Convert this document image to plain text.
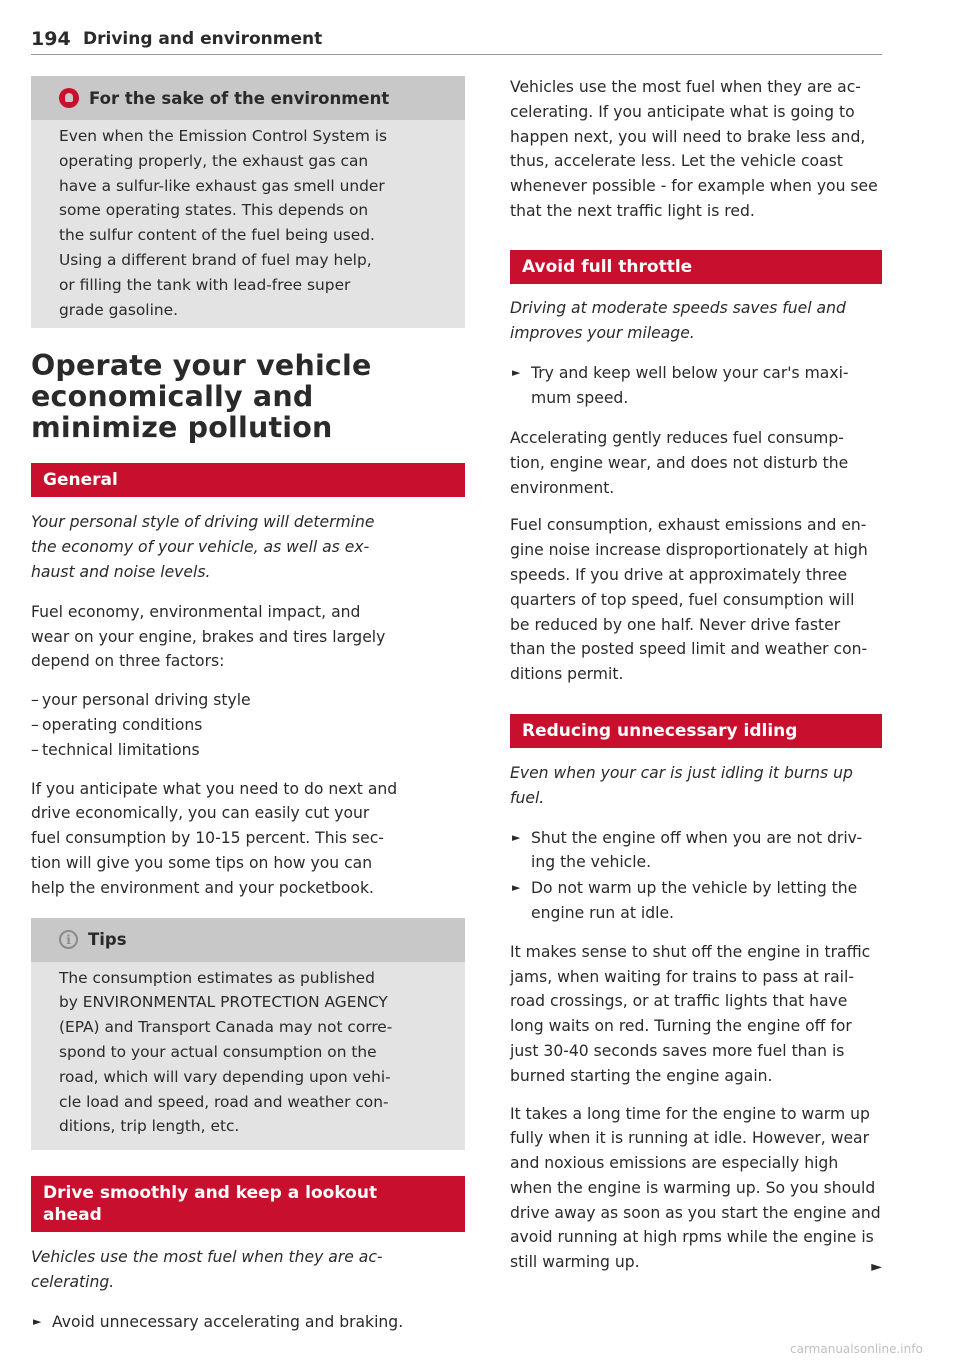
194 Driving and environment
For the sake of the environment

Even when the Emission Control System is

operating properly, the exhaust gas can

have a sulfur-like exhaust gas smell under

some operating states. This depends on

the sulfur content of the fuel being used.

Using a different brand of fuel may help,

or filling the tank with lead-free super

grade gasoline.

Operate your vehicle

economically and

minimize pollution

General

Your personal style of driving will determine

the economy of your vehicle, as well as ex-

haust and noise levels.

Fuel economy, environmental impact, and

wear on your engine, brakes and tires largely

depend on three factors:

– your personal driving style
– operating conditions
– technical limitations

If you anticipate what you need to do next and

drive economically, you can easily cut your

fuel consumption by 10-15 percent. This sec-

tion will give you some tips on how you can

help the environment and your pocketbook.

i	Tips

The consumption estimates as published

by ENVIRONMENTAL PROTECTION AGENCY

(EPA) and Transport Canada may not corre-

spond to your actual consumption on the

road, which will vary depending upon vehi-

cle load and speed, road and weather con-

ditions, trip length, etc.

Drive smoothly and keep a lookout
ahead

Vehicles use the most fuel when they are ac-

celerating.

► Avoid unnecessary accelerating and braking.

Vehicles use the most fuel when they are ac-

celerating. If you anticipate what is going to

happen next, you will need to brake less and,

thus, accelerate less. Let the vehicle coast

whenever possible - for example when you see

that the next traffic light is red.

Avoid full throttle

Driving at moderate speeds saves fuel and

improves your mileage.

► Try and keep well below your car's maxi-
mum speed.

Accelerating gently reduces fuel consump-

tion, engine wear, and does not disturb the

environment.

Fuel consumption, exhaust emissions and en-

gine noise increase disproportionately at high

speeds. If you drive at approximately three

quarters of top speed, fuel consumption will

be reduced by one half. Never drive faster

than the posted speed limit and weather con-

ditions permit.

Reducing unnecessary idling

Even when your car is just idling it burns up

fuel.

► Shut the engine off when you are not driv-
ing the vehicle.
► Do not warm up the vehicle by letting the
engine run at idle.

It makes sense to shut off the engine in traffic

jams, when waiting for trains to pass at rail-

road crossings, or at traffic lights that have

long waits on red. Turning the engine off for

just 30-40 seconds saves more fuel than is

burned starting the engine again.

It takes a long time for the engine to warm up

fully when it is running at idle. However, wear

and noxious emissions are especially high

when the engine is warming up. So you should

drive away as soon as you start the engine and

avoid running at high rpms while the engine is

still warming up.	►
carmanualsonline.info
